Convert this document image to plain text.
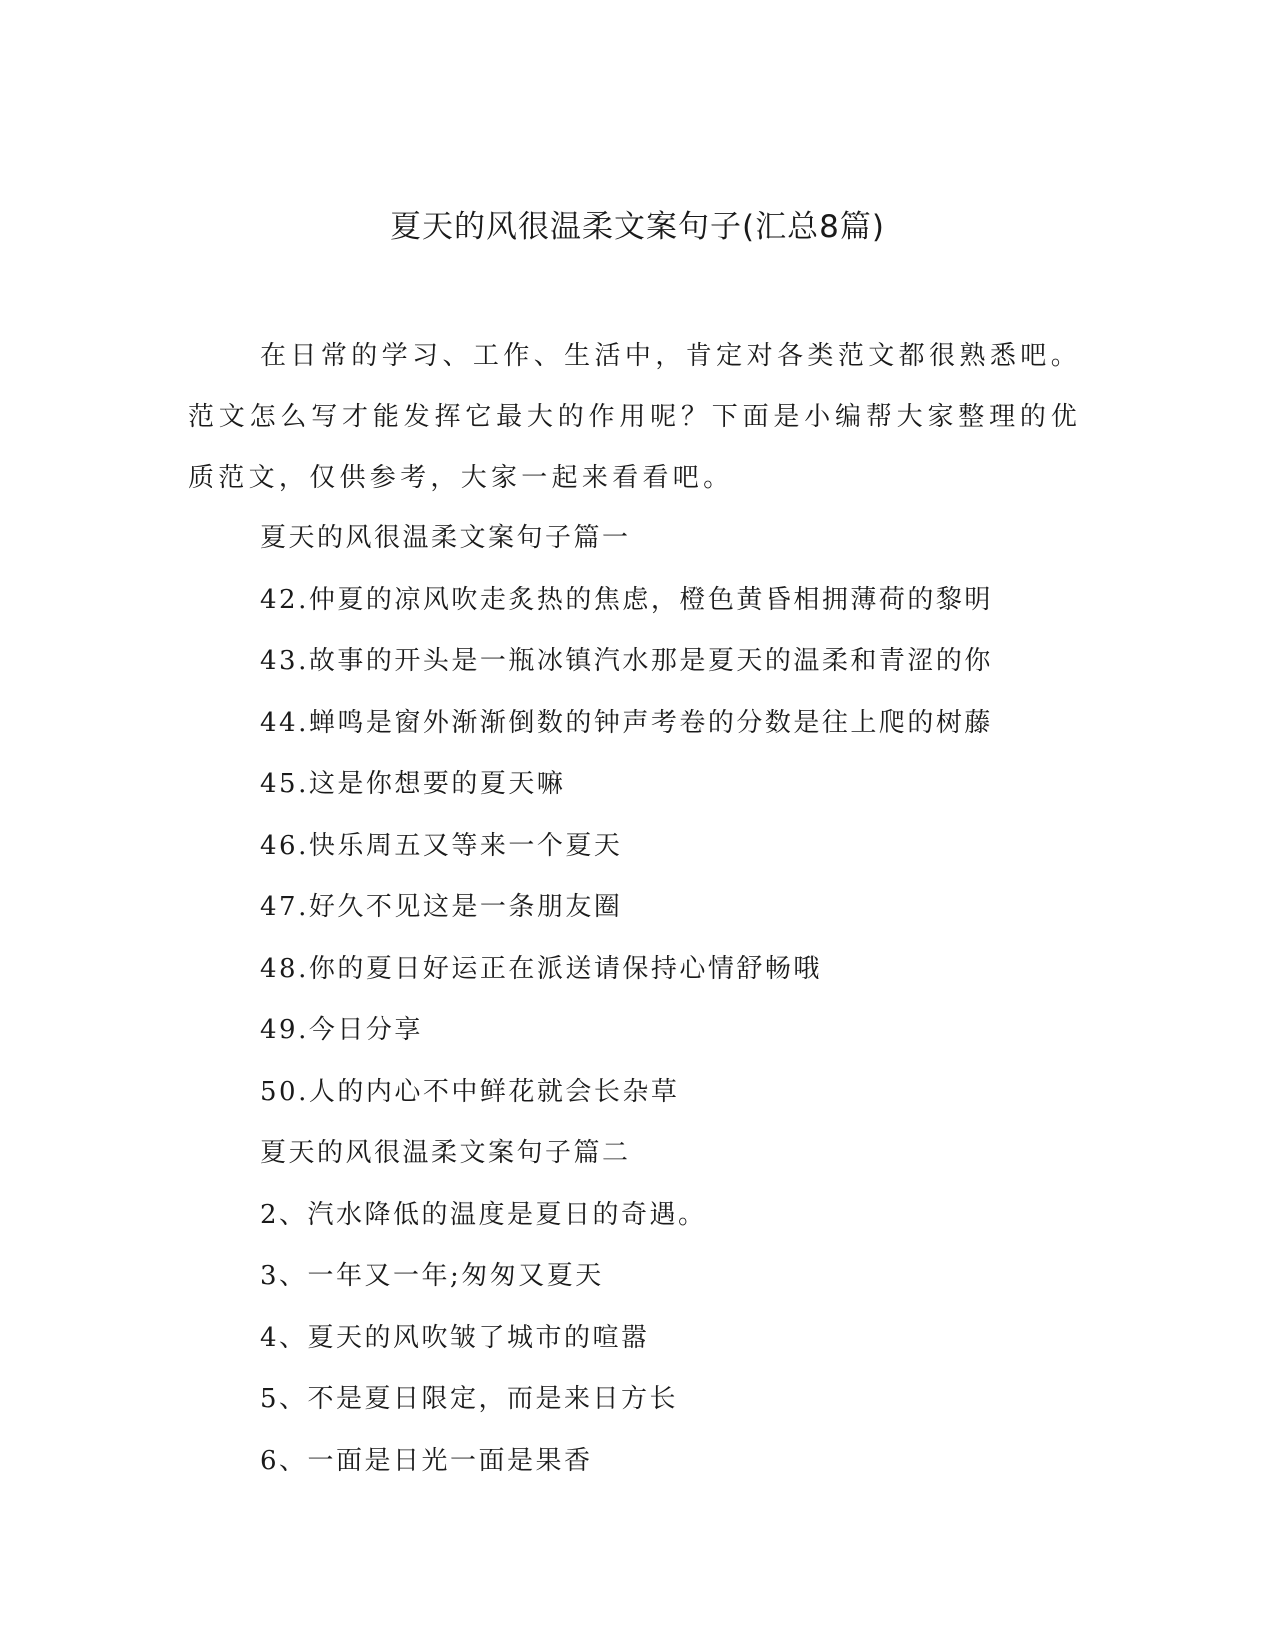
夏天的风很温柔文案句子(汇总8篇)

在日常的学习、工作、生活中，肯定对各类范文都很熟悉吧。范文怎么写才能发挥它最大的作用呢？下面是小编帮大家整理的优质范文，仅供参考，大家一起来看看吧。

夏天的风很温柔文案句子篇一
42.仲夏的凉风吹走炙热的焦虑，橙色黄昏相拥薄荷的黎明
43.故事的开头是一瓶冰镇汽水那是夏天的温柔和青涩的你
44.蝉鸣是窗外渐渐倒数的钟声考卷的分数是往上爬的树藤
45.这是你想要的夏天嘛
46.快乐周五又等来一个夏天
47.好久不见这是一条朋友圈
48.你的夏日好运正在派送请保持心情舒畅哦
49.今日分享
50.人的内心不中鲜花就会长杂草
夏天的风很温柔文案句子篇二
2、汽水降低的温度是夏日的奇遇。
3、一年又一年;匆匆又夏天
4、夏天的风吹皱了城市的喧嚣
5、不是夏日限定，而是来日方长
6、一面是日光一面是果香
